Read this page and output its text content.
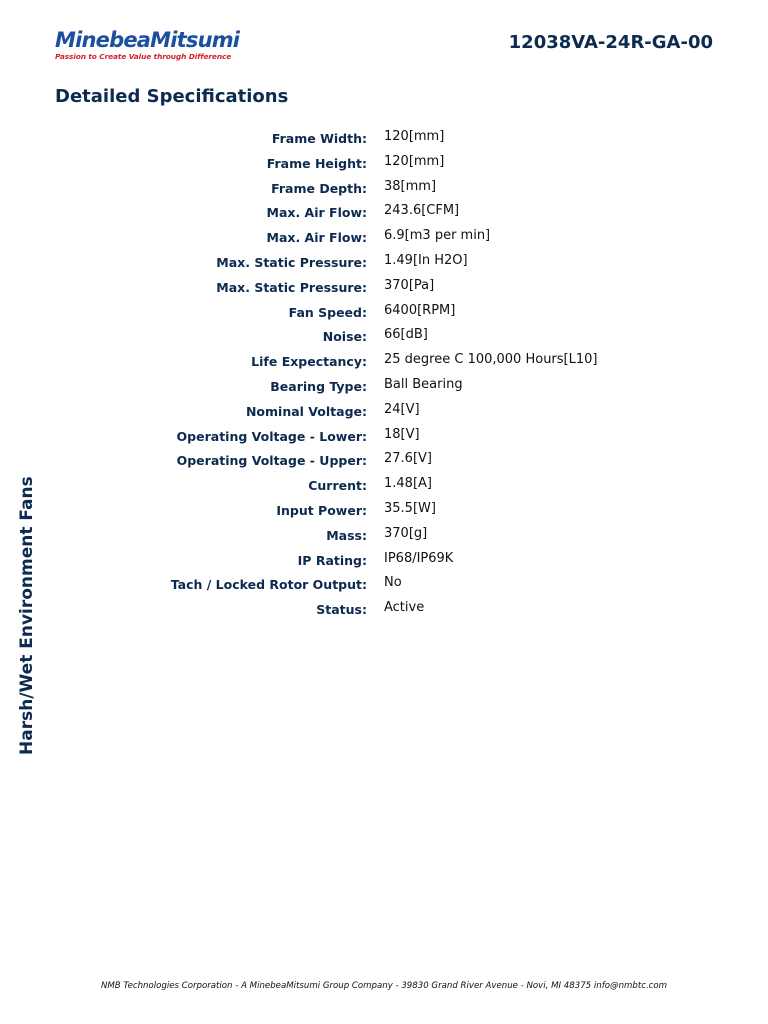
MinebeaMitsumi
Passion to Create Value through Difference
12038VA-24R-GA-00
Detailed Specifications
Frame Width: 120[mm]
Frame Height: 120[mm]
Frame Depth: 38[mm]
Max. Air Flow: 243.6[CFM]
Max. Air Flow: 6.9[m3 per min]
Max. Static Pressure: 1.49[In H2O]
Max. Static Pressure: 370[Pa]
Fan Speed: 6400[RPM]
Noise: 66[dB]
Life Expectancy: 25 degree C 100,000 Hours[L10]
Bearing Type: Ball Bearing
Nominal Voltage: 24[V]
Operating Voltage - Lower: 18[V]
Operating Voltage - Upper: 27.6[V]
Current: 1.48[A]
Input Power: 35.5[W]
Mass: 370[g]
IP Rating: IP68/IP69K
Tach / Locked Rotor Output: No
Status: Active
Harsh/Wet Environment Fans
NMB Technologies Corporation - A MinebeaMitsumi Group Company - 39830 Grand River Avenue - Novi, MI 48375 info@nmbtc.com
